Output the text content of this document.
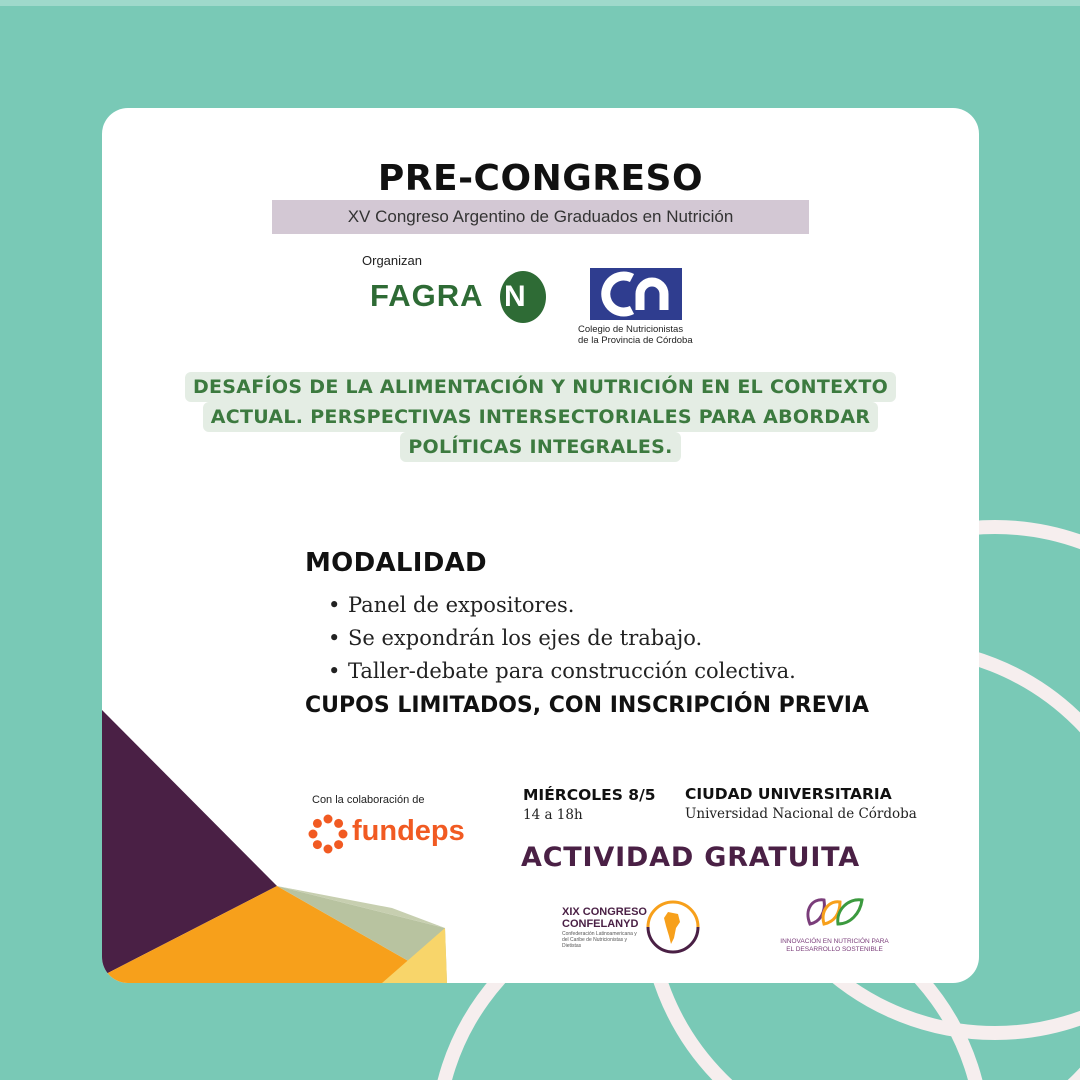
PRE-CONGRESO
XV Congreso Argentino de Graduados en Nutrición
Organizan
FAGRA N
Colegio de Nutricionistas
de la Provincia de Córdoba
DESAFÍOS DE LA ALIMENTACIÓN Y NUTRICIÓN EN EL CONTEXTO
ACTUAL. PERSPECTIVAS INTERSECTORIALES PARA ABORDAR
POLÍTICAS INTEGRALES.
MODALIDAD
• Panel de expositores.
• Se expondrán los ejes de trabajo.
• Taller-debate para construcción colectiva.
CUPOS LIMITADOS, CON INSCRIPCIÓN PREVIA
Con la colaboración de
fundeps
MIÉRCOLES 8/5
14 a 18h
CIUDAD UNIVERSITARIA
Universidad Nacional de Córdoba
ACTIVIDAD GRATUITA
XIX CONGRESO
CONFELANYD
Confederación Latinoamericana y del Caribe de Nutricionistas y Dietistas
INNOVACIÓN EN NUTRICIÓN PARA
EL DESARROLLO SOSTENIBLE
